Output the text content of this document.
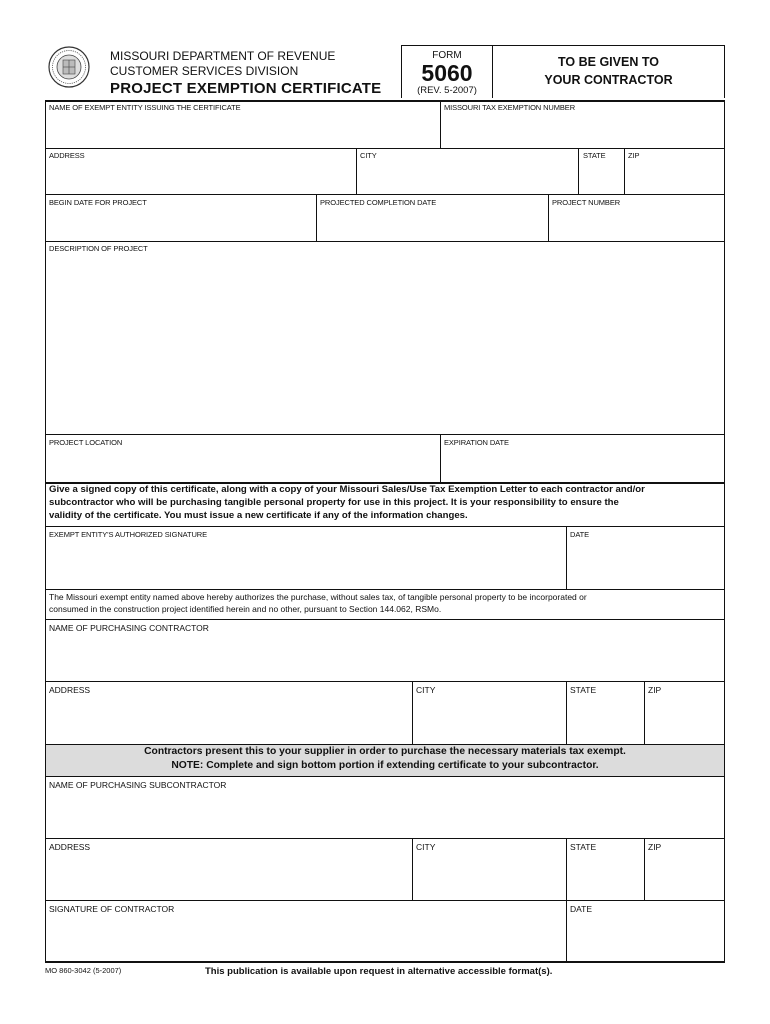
MISSOURI DEPARTMENT OF REVENUE
CUSTOMER SERVICES DIVISION
PROJECT EXEMPTION CERTIFICATE
FORM
5060
(REV. 5-2007)
TO BE GIVEN TO
YOUR CONTRACTOR
NAME OF EXEMPT ENTITY ISSUING THE CERTIFICATE	MISSOURI TAX EXEMPTION NUMBER
ADDRESS	CITY	STATE	ZIP
BEGIN DATE FOR PROJECT	PROJECTED COMPLETION DATE	PROJECT NUMBER
DESCRIPTION OF PROJECT
PROJECT LOCATION	EXPIRATION DATE
Give a signed copy of this certificate, along with a copy of your Missouri Sales/Use Tax Exemption Letter to each contractor and/or
subcontractor who will be purchasing tangible personal property for use in this project. It is your responsibility to ensure the
validity of the certificate. You must issue a new certificate if any of the information changes.
EXEMPT ENTITY'S AUTHORIZED SIGNATURE	DATE
The Missouri exempt entity named above hereby authorizes the purchase, without sales tax, of tangible personal property to be incorporated or
consumed in the construction project identified herein and no other, pursuant to Section 144.062, RSMo.
NAME OF PURCHASING CONTRACTOR
ADDRESS	CITY	STATE	ZIP
Contractors present this to your supplier in order to purchase the necessary materials tax exempt.
NOTE: Complete and sign bottom portion if extending certificate to your subcontractor.
NAME OF PURCHASING SUBCONTRACTOR
ADDRESS	CITY	STATE	ZIP
SIGNATURE OF CONTRACTOR	DATE
MO 860-3042 (5-2007)	This publication is available upon request in alternative accessible format(s).
